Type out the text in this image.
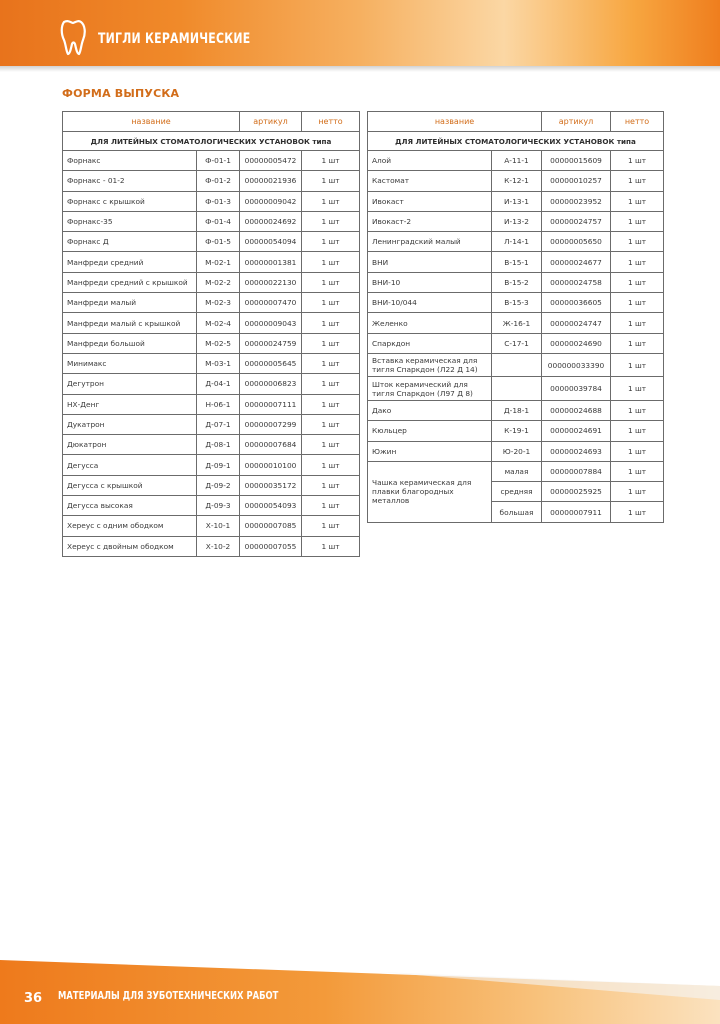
ТИГЛИ КЕРАМИЧЕСКИЕ
ФОРМА ВЫПУСКА
название		артикул	нетто
ДЛЯ ЛИТЕЙНЫХ СТОМАТОЛОГИЧЕСКИХ УСТАНОВОК типа			
Форнакс	Ф-01-1	00000005472	1 шт
Форнакс - 01-2	Ф-01-2	00000021936	1 шт
Форнакс с крышкой	Ф-01-3	00000009042	1 шт
Форнакс-35	Ф-01-4	00000024692	1 шт
Форнакс Д	Ф-01-5	00000054094	1 шт
Манфреди средний	М-02-1	00000001381	1 шт
Манфреди средний с крышкой	М-02-2	00000022130	1 шт
Манфреди малый	М-02-3	00000007470	1 шт
Манфреди малый с крышкой	М-02-4	00000009043	1 шт
Манфреди большой	М-02-5	00000024759	1 шт
Минимакс	М-03-1	00000005645	1 шт
Дегутрон	Д-04-1	00000006823	1 шт
НХ-Денг	Н-06-1	00000007111	1 шт
Дукатрон	Д-07-1	00000007299	1 шт
Дюкатрон	Д-08-1	00000007684	1 шт
Дегусса	Д-09-1	00000010100	1 шт
Дегусса с крышкой	Д-09-2	00000035172	1 шт
Дегусса высокая	Д-09-3	00000054093	1 шт
Хереус с одним ободком	Х-10-1	00000007085	1 шт
Хереус с двойным ободком	Х-10-2	00000007055	1 шт
название		артикул	нетто
ДЛЯ ЛИТЕЙНЫХ СТОМАТОЛОГИЧЕСКИХ УСТАНОВОК типа			
Алой	А-11-1	00000015609	1 шт
Кастомат	К-12-1	00000010257	1 шт
Ивокаст	И-13-1	00000023952	1 шт
Ивокаст-2	И-13-2	00000024757	1 шт
Ленинградский малый	Л-14-1	00000005650	1 шт
ВНИ	В-15-1	00000024677	1 шт
ВНИ-10	В-15-2	00000024758	1 шт
ВНИ-10/044	В-15-3	00000036605	1 шт
Желенко	Ж-16-1	00000024747	1 шт
Спаркдон	С-17-1	00000024690	1 шт
Вставка керамическая для тигля Спаркдон (Л22 Д 14)		000000033390	1 шт
Шток керамический для тигля Спаркдон (Л97 Д 8)		00000039784	1 шт
Дако	Д-18-1	00000024688	1 шт
Кюльцер	К-19-1	00000024691	1 шт
Южин	Ю-20-1	00000024693	1 шт
Чашка керамическая для плавки благородных металлов	малая	00000007884	1 шт
	средняя	00000025925	1 шт
	большая	00000007911	1 шт
36 МАТЕРИАЛЫ ДЛЯ ЗУБОТЕХНИЧЕСКИХ РАБОТ
